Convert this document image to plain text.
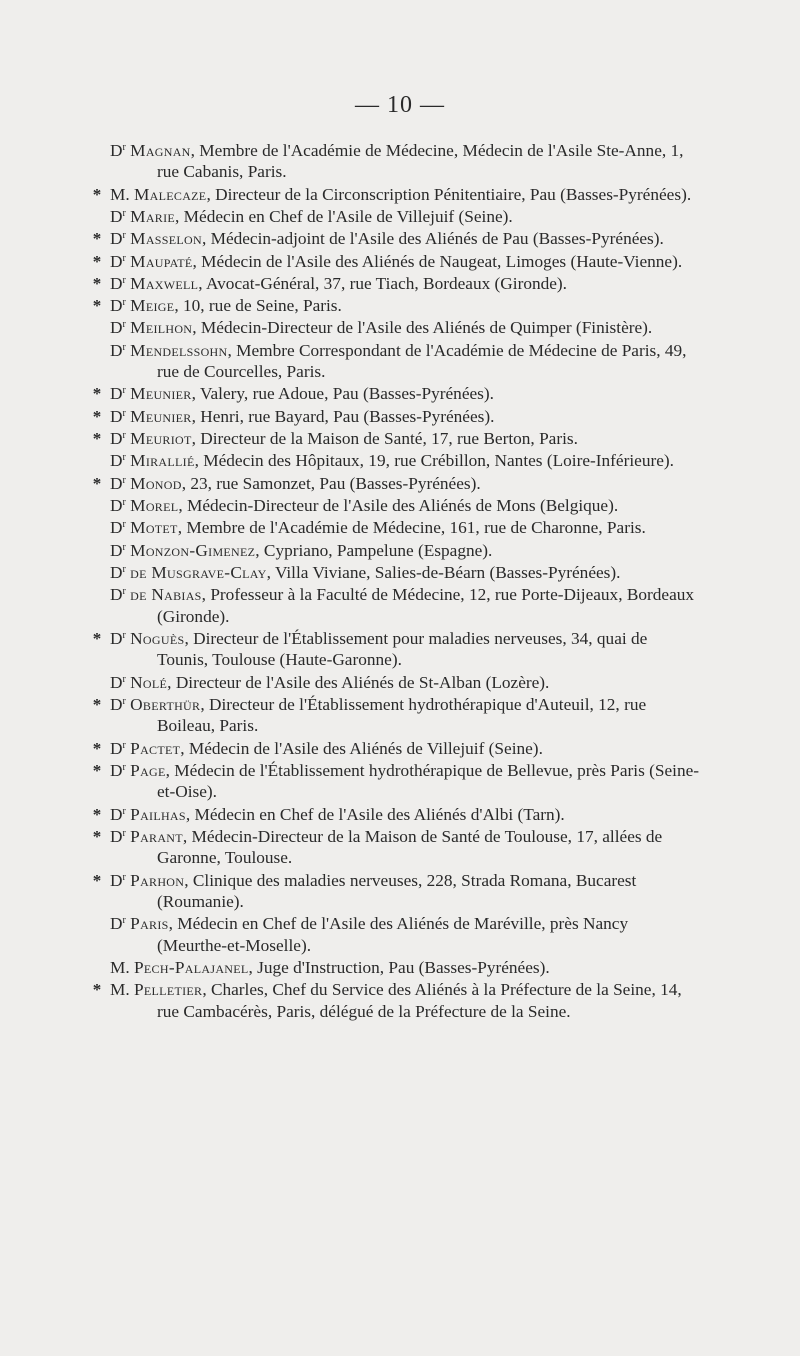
— 10 —
$D^r$ Magnan, Membre de l'Académie de Médecine, Médecin de l'Asile Ste-Anne, 1, rue Cabanis, Paris.
* M. Malecaze, Directeur de la Circonscription Pénitentiaire, Pau (Basses-Pyrénées).
$D^r$ Marie, Médecin en Chef de l'Asile de Villejuif (Seine).
* $D^r$ Masselon, Médecin-adjoint de l'Asile des Aliénés de Pau (Basses-Pyrénées).
* $D^r$ Maupaté, Médecin de l'Asile des Aliénés de Naugeat, Limoges (Haute-Vienne).
* $D^r$ Maxwell, Avocat-Général, 37, rue Tiach, Bordeaux (Gironde).
* $D^r$ Meige, 10, rue de Seine, Paris.
$D^r$ Meilhon, Médecin-Directeur de l'Asile des Aliénés de Quimper (Finistère).
$D^r$ Mendelssohn, Membre Correspondant de l'Académie de Médecine de Paris, 49, rue de Courcelles, Paris.
* $D^r$ Meunier, Valery, rue Adoue, Pau (Basses-Pyrénées).
* $D^r$ Meunier, Henri, rue Bayard, Pau (Basses-Pyrénées).
* $D^r$ Meuriot, Directeur de la Maison de Santé, 17, rue Berton, Paris.
$D^r$ Mirallié, Médecin des Hôpitaux, 19, rue Crébillon, Nantes (Loire-Inférieure).
* $D^r$ Monod, 23, rue Samonzet, Pau (Basses-Pyrénées).
$D^r$ Morel, Médecin-Directeur de l'Asile des Aliénés de Mons (Belgique).
$D^r$ Motet, Membre de l'Académie de Médecine, 161, rue de Charonne, Paris.
$D^r$ Monzon-Gimenez, Cypriano, Pampelune (Espagne).
$D^r$ de Musgrave-Clay, Villa Viviane, Salies-de-Béarn (Basses-Pyrénées).
$D^r$ de Nabias, Professeur à la Faculté de Médecine, 12, rue Porte-Dijeaux, Bordeaux (Gironde).
* $D^r$ Noguès, Directeur de l'Établissement pour maladies nerveuses, 34, quai de Tounis, Toulouse (Haute-Garonne).
$D^r$ Nolé, Directeur de l'Asile des Aliénés de St-Alban (Lozère).
* $D^r$ Oberthür, Directeur de l'Établissement hydrothérapique d'Auteuil, 12, rue Boileau, Paris.
* $D^r$ Pactet, Médecin de l'Asile des Aliénés de Villejuif (Seine).
* $D^r$ Page, Médecin de l'Établissement hydrothérapique de Bellevue, près Paris (Seine-et-Oise).
* $D^r$ Pailhas, Médecin en Chef de l'Asile des Aliénés d'Albi (Tarn).
* $D^r$ Parant, Médecin-Directeur de la Maison de Santé de Toulouse, 17, allées de Garonne, Toulouse.
* $D^r$ Parhon, Clinique des maladies nerveuses, 228, Strada Romana, Bucarest (Roumanie).
$D^r$ Paris, Médecin en Chef de l'Asile des Aliénés de Maréville, près Nancy (Meurthe-et-Moselle).
M. Pech-Palajanel, Juge d'Instruction, Pau (Basses-Pyrénées).
* M. Pelletier, Charles, Chef du Service des Aliénés à la Préfecture de la Seine, 14, rue Cambacérès, Paris, délégué de la Préfecture de la Seine.
